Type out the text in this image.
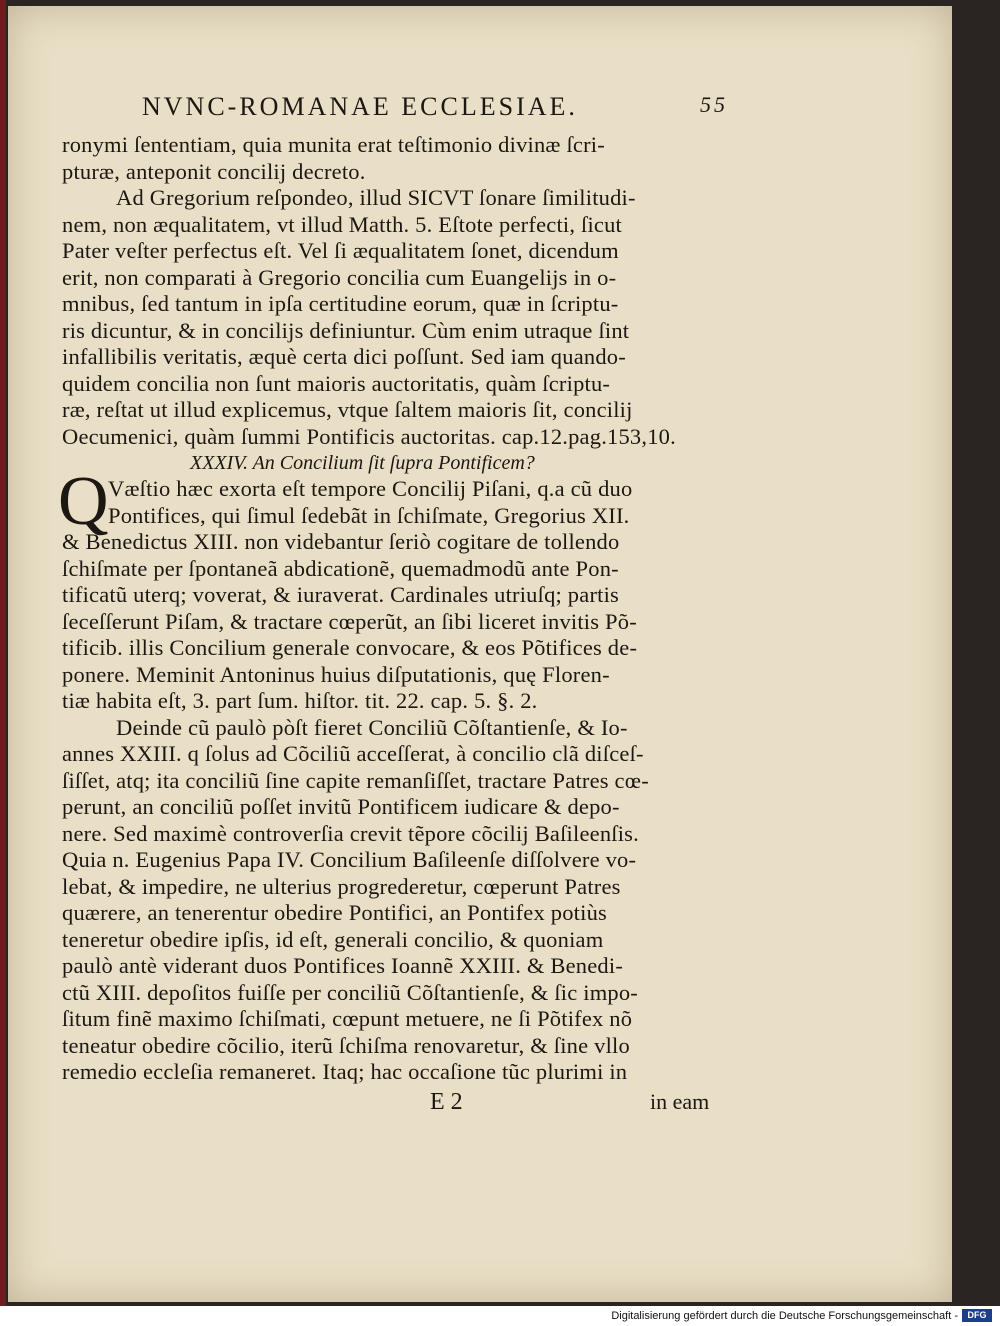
NVNC-ROMANAE ECCLESIAE.	55
ronymi ſententiam, quia munita erat teſtimonio divinæ ſcri-
pturæ, anteponit concilij decreto.
Ad Gregorium reſpondeo, illud SICVT ſonare ſimilitudi-
nem, non æqualitatem, vt illud Matth. 5. Eſtote perfecti, ſicut
Pater veſter perfectus eſt. Vel ſi æqualitatem ſonet, dicendum
erit, non comparati à Gregorio concilia cum Euangelijs in o-
mnibus, ſed tantum in ipſa certitudine eorum, quæ in ſcriptu-
ris dicuntur, & in concilijs definiuntur. Cùm enim utraque ſint
infallibilis veritatis, æquè certa dici poſſunt. Sed iam quando-
quidem concilia non ſunt maioris auctoritatis, quàm ſcriptu-
ræ, reſtat ut illud explicemus, vtque ſaltem maioris ſit, concilij
Oecumenici, quàm ſummi Pontificis auctoritas. cap.12.pag.153,10.
XXXIV. An Concilium ſit ſupra Pontificem?
Q Væſtio hæc exorta eſt tempore Concilij Piſani, q.a cũ duo
Pontifices, qui ſimul ſedebãt in ſchiſmate, Gregorius XII.
& Benedictus XIII. non videbantur ſeriò cogitare de tollendo
ſchiſmate per ſpontaneã abdicationẽ, quemadmodũ ante Pon-
tificatũ uterq; voverat, & iuraverat. Cardinales utriuſq; partis
ſeceſſerunt Piſam, & tractare cœperũt, an ſibi liceret invitis Põ-
tificib. illis Concilium generale convocare, & eos Põtifices de-
ponere. Meminit Antoninus huius diſputationis, quę Floren-
tiæ habita eſt, 3. part ſum. hiſtor. tit. 22. cap. 5. §. 2.
Deinde cũ paulò pòſt fieret Conciliũ Cõſtantienſe, & Io-
annes XXIII. q ſolus ad Cõciliũ acceſſerat, à concilio clã diſceſ-
ſiſſet, atq; ita conciliũ ſine capite remanſiſſet, tractare Patres cœ-
perunt, an conciliũ poſſet invitũ Pontificem iudicare & depo-
nere. Sed maximè controverſia crevit tẽpore cõcilij Baſileenſis.
Quia n. Eugenius Papa IV. Concilium Baſileenſe diſſolvere vo-
lebat, & impedire, ne ulterius progrederetur, cœperunt Patres
quærere, an tenerentur obedire Pontifici, an Pontifex potiùs
teneretur obedire ipſis, id eſt, generali concilio, & quoniam
paulò antè viderant duos Pontifices Ioannẽ XXIII. & Benedi-
ctũ XIII. depoſitos fuiſſe per conciliũ Cõſtantienſe, & ſic impo-
ſitum finẽ maximo ſchiſmati, cœpunt metuere, ne ſi Põtifex nõ
teneatur obedire cõcilio, iterũ ſchiſma renovaretur, & ſine vllo
remedio eccleſia remaneret. Itaq; hac occaſione tũc plurimi in
E 2	in eam
Digitalisierung gefördert durch die Deutsche Forschungsgemeinschaft -	DFG
